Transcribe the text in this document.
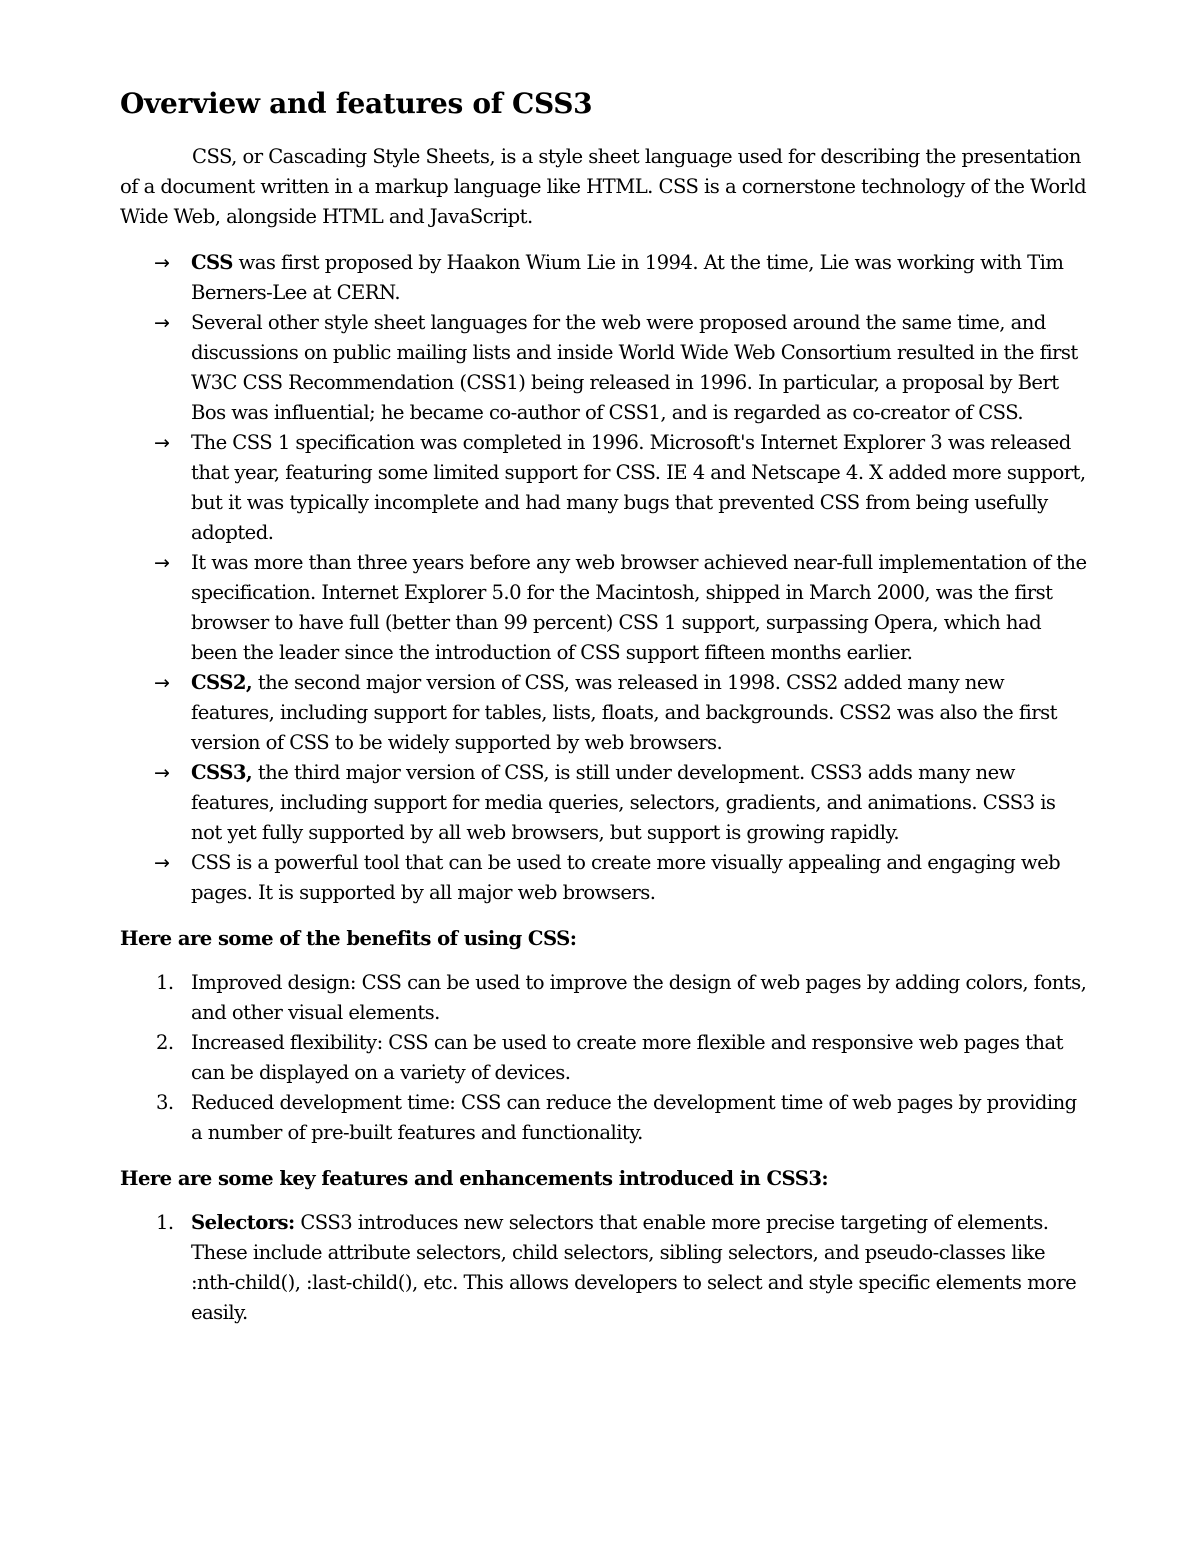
Overview and features of CSS3

CSS, or Cascading Style Sheets, is a style sheet language used for describing the presentation of a document written in a markup language like HTML. CSS is a cornerstone technology of the World Wide Web, alongside HTML and JavaScript.

→ CSS was first proposed by Haakon Wium Lie in 1994. At the time, Lie was working with Tim Berners-Lee at CERN.
→ Several other style sheet languages for the web were proposed around the same time, and discussions on public mailing lists and inside World Wide Web Consortium resulted in the first W3C CSS Recommendation (CSS1) being released in 1996. In particular, a proposal by Bert Bos was influential; he became co-author of CSS1, and is regarded as co-creator of CSS.
→ The CSS 1 specification was completed in 1996. Microsoft's Internet Explorer 3 was released that year, featuring some limited support for CSS. IE 4 and Netscape 4. X added more support, but it was typically incomplete and had many bugs that prevented CSS from being usefully adopted.
→ It was more than three years before any web browser achieved near-full implementation of the specification. Internet Explorer 5.0 for the Macintosh, shipped in March 2000, was the first browser to have full (better than 99 percent) CSS 1 support, surpassing Opera, which had been the leader since the introduction of CSS support fifteen months earlier.
→ CSS2, the second major version of CSS, was released in 1998. CSS2 added many new features, including support for tables, lists, floats, and backgrounds. CSS2 was also the first version of CSS to be widely supported by web browsers.
→ CSS3, the third major version of CSS, is still under development. CSS3 adds many new features, including support for media queries, selectors, gradients, and animations. CSS3 is not yet fully supported by all web browsers, but support is growing rapidly.
→ CSS is a powerful tool that can be used to create more visually appealing and engaging web pages. It is supported by all major web browsers.

Here are some of the benefits of using CSS:

1. Improved design: CSS can be used to improve the design of web pages by adding colors, fonts, and other visual elements.
2. Increased flexibility: CSS can be used to create more flexible and responsive web pages that can be displayed on a variety of devices.
3. Reduced development time: CSS can reduce the development time of web pages by providing a number of pre-built features and functionality.

Here are some key features and enhancements introduced in CSS3:

1. Selectors: CSS3 introduces new selectors that enable more precise targeting of elements. These include attribute selectors, child selectors, sibling selectors, and pseudo-classes like :nth-child(), :last-child(), etc. This allows developers to select and style specific elements more easily.
